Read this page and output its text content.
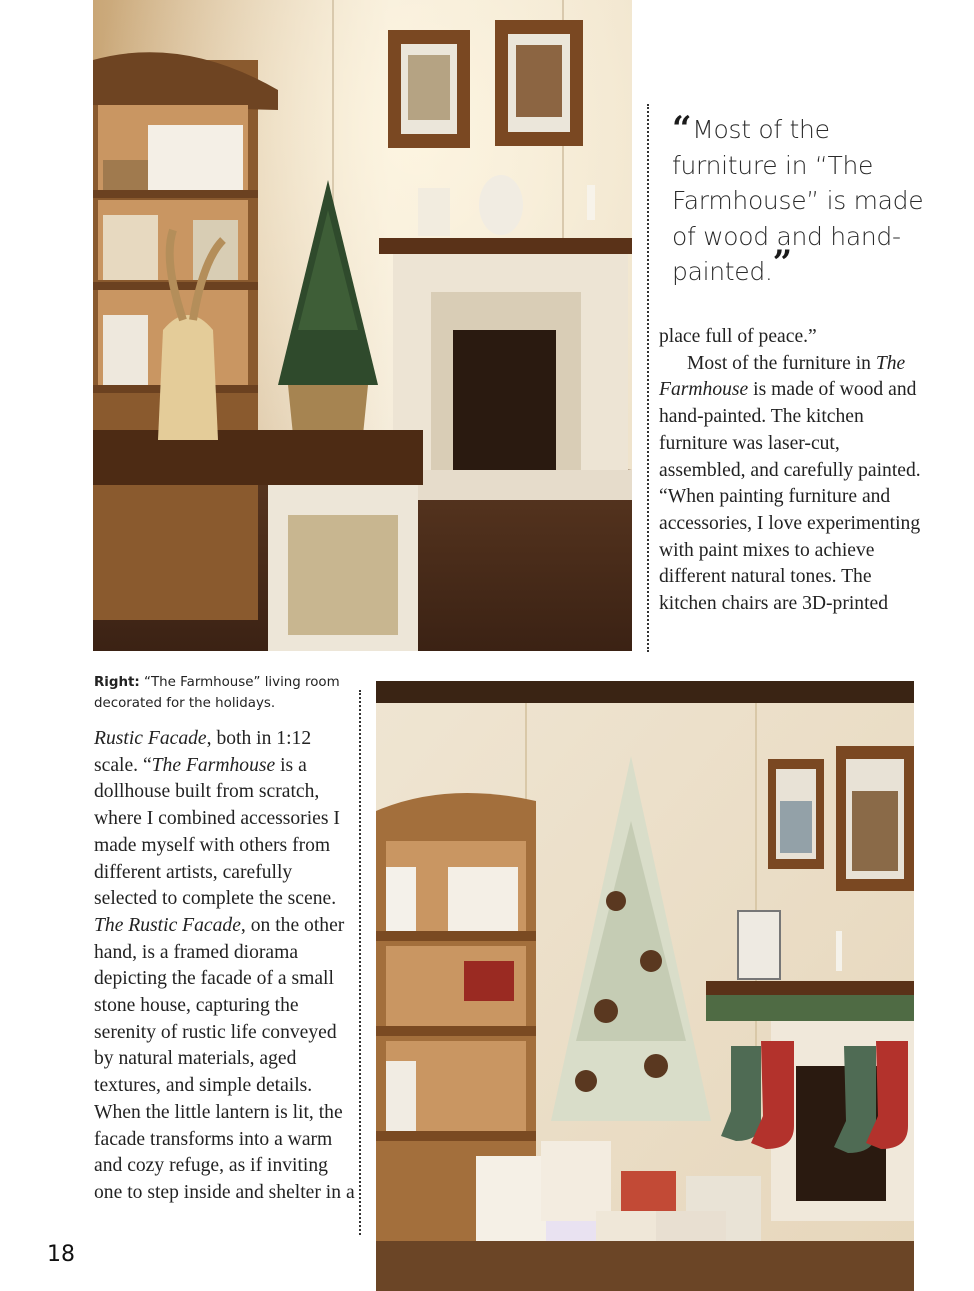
“Most of the furniture in “The Farmhouse” is made of wood and hand-painted.”

place full of peace.”

Most of the furniture in The Farmhouse is made of wood and hand-painted. The kitchen furniture was laser-cut, assembled, and carefully painted. “When painting furniture and accessories, I love experimenting with paint mixes to achieve different natural tones. The kitchen chairs are 3D-printed

Right: “The Farmhouse” living room decorated for the holidays.

Rustic Facade, both in 1:12 scale. “The Farmhouse is a dollhouse built from scratch, where I combined accessories I made myself with others from different artists, carefully selected to complete the scene. The Rustic Facade, on the other hand, is a framed diorama depicting the facade of a small stone house, capturing the serenity of rustic life conveyed by natural materials, aged textures, and simple details. When the little lantern is lit, the facade transforms into a warm and cozy refuge, as if inviting one to step inside and shelter in a

18
